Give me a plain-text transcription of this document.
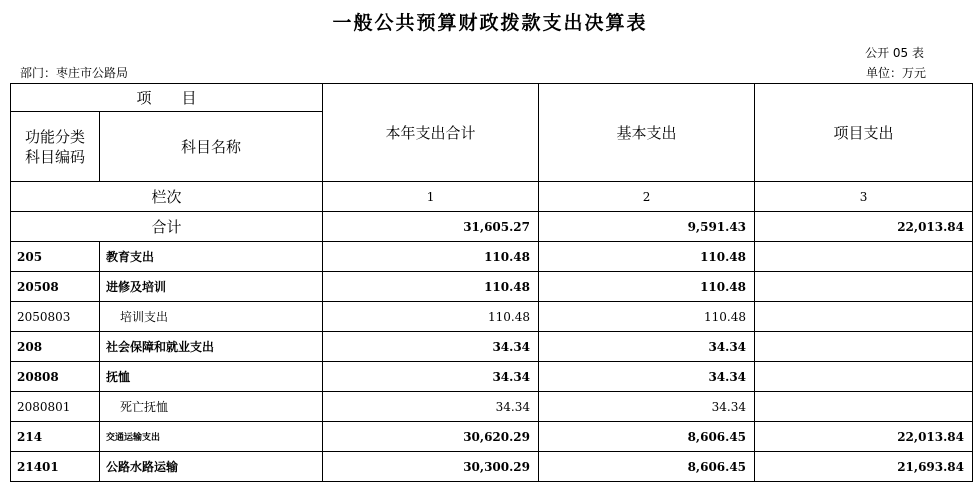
一般公共预算财政拨款支出决算表
公开 05 表
部门：枣庄市公路局	单位：万元
项　　目		本年支出合计	基本支出	项目支出
功能分类
科目编码	科目名称			

栏次		1	2	3
合计		31,605.27	9,591.43	22,013.84
205	教育支出	110.48	110.48	
20508	进修及培训	110.48	110.48	
2050803	培训支出	110.48	110.48	
208	社会保障和就业支出	34.34	34.34	
20808	抚恤	34.34	34.34	
2080801	死亡抚恤	34.34	34.34	
214	交通运输支出	30,620.29	8,606.45	22,013.84
21401	公路水路运输	30,300.29	8,606.45	21,693.84
